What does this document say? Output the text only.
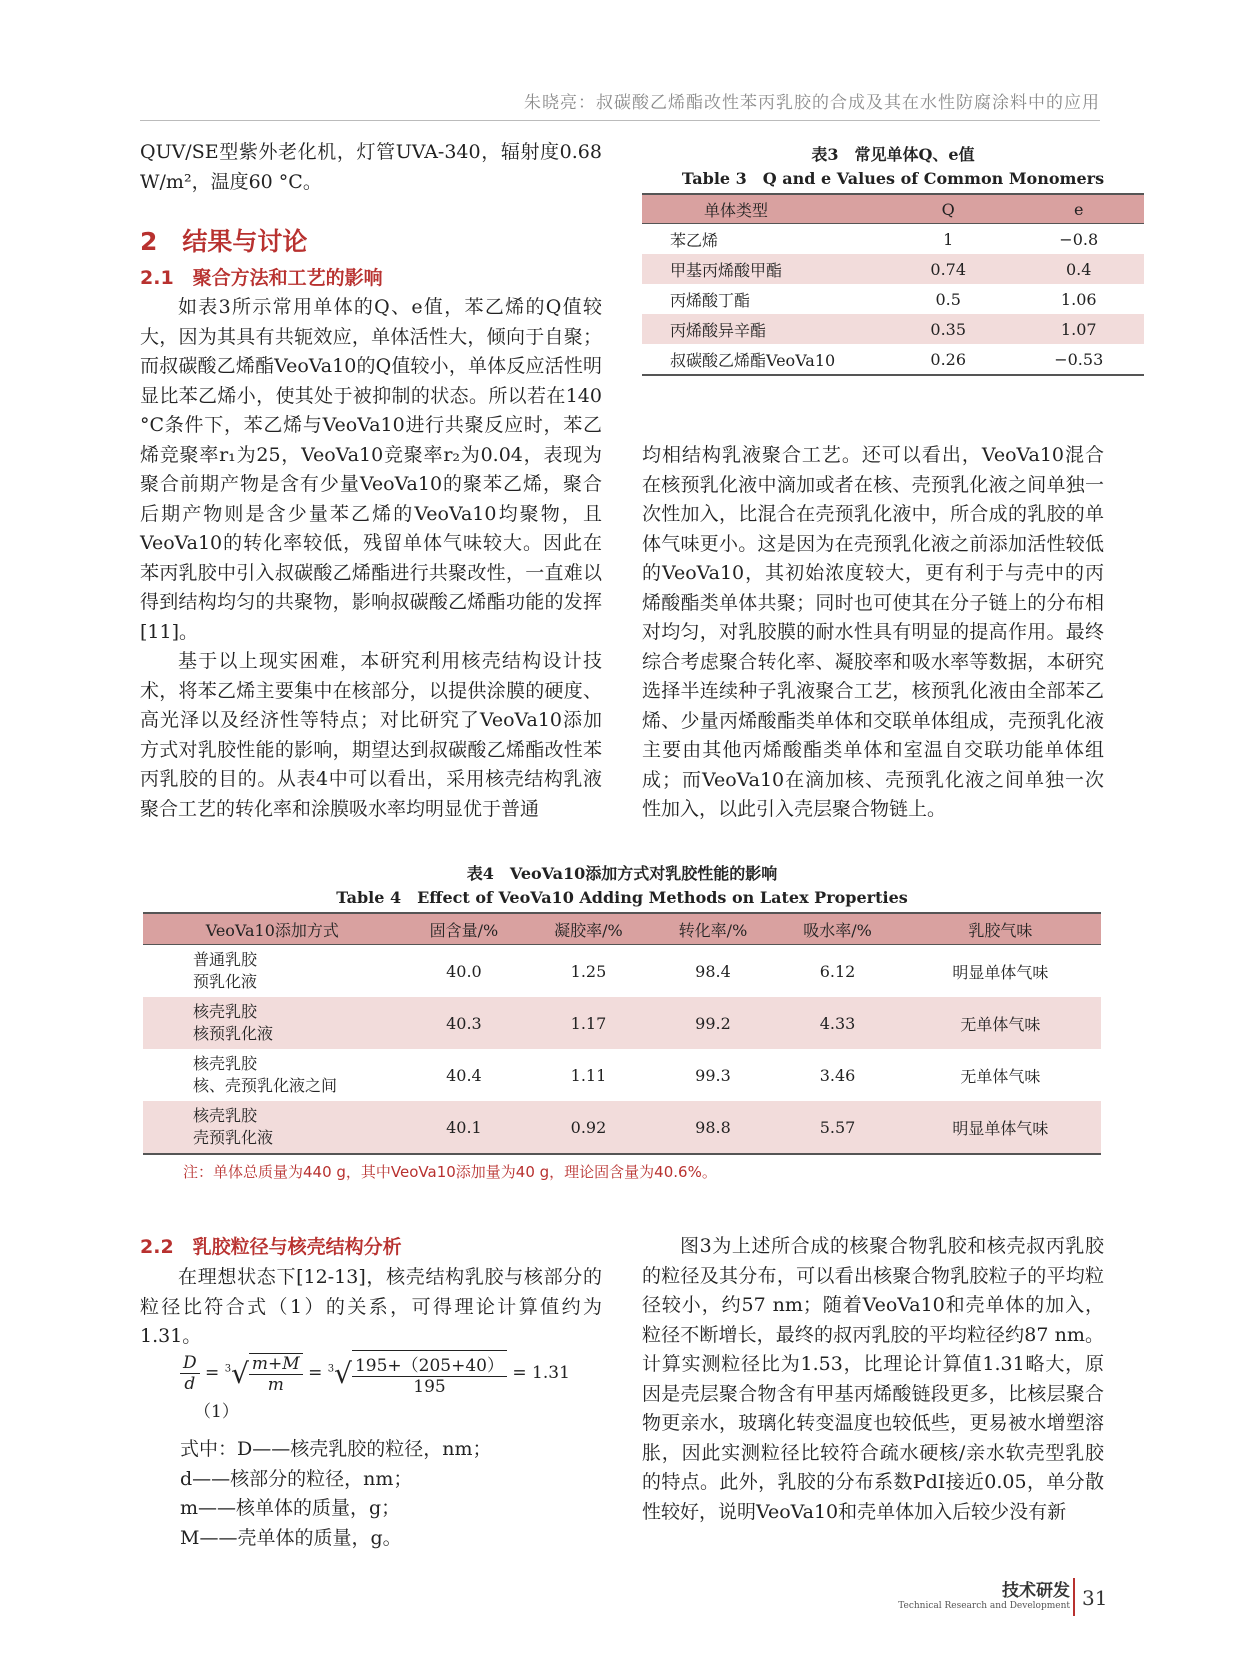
朱晓亮：叔碳酸乙烯酯改性苯丙乳胶的合成及其在水性防腐涂料中的应用

QUV/SE型紫外老化机，灯管UVA-340，辐射度0.68 W/m²，温度60 °C。

2　结果与讨论
2.1　聚合方法和工艺的影响

如表3所示常用单体的Q、e值，苯乙烯的Q值较大，因为其具有共轭效应，单体活性大，倾向于自聚；而叔碳酸乙烯酯VeoVa10的Q值较小，单体反应活性明显比苯乙烯小，使其处于被抑制的状态。所以若在140 °C条件下，苯乙烯与VeoVa10进行共聚反应时，苯乙烯竞聚率r₁为25，VeoVa10竞聚率r₂为0.04，表现为聚合前期产物是含有少量VeoVa10的聚苯乙烯，聚合后期产物则是含少量苯乙烯的VeoVa10均聚物，且VeoVa10的转化率较低，残留单体气味较大。因此在苯丙乳胶中引入叔碳酸乙烯酯进行共聚改性，一直难以得到结构均匀的共聚物，影响叔碳酸乙烯酯功能的发挥[11]。

基于以上现实困难，本研究利用核壳结构设计技术，将苯乙烯主要集中在核部分，以提供涂膜的硬度、高光泽以及经济性等特点；对比研究了VeoVa10添加方式对乳胶性能的影响，期望达到叔碳酸乙烯酯改性苯丙乳胶的目的。从表4中可以看出，采用核壳结构乳液聚合工艺的转化率和涂膜吸水率均明显优于普通

表3　常见单体Q、e值
Table 3　Q and e Values of Common Monomers
单体类型	Q	e
苯乙烯	1	−0.8
甲基丙烯酸甲酯	0.74	0.4
丙烯酸丁酯	0.5	1.06
丙烯酸异辛酯	0.35	1.07
叔碳酸乙烯酯VeoVa10	0.26	−0.53

均相结构乳液聚合工艺。还可以看出，VeoVa10混合在核预乳化液中滴加或者在核、壳预乳化液之间单独一次性加入，比混合在壳预乳化液中，所合成的乳胶的单体气味更小。这是因为在壳预乳化液之前添加活性较低的VeoVa10，其初始浓度较大，更有利于与壳中的丙烯酸酯类单体共聚；同时也可使其在分子链上的分布相对均匀，对乳胶膜的耐水性具有明显的提高作用。最终综合考虑聚合转化率、凝胶率和吸水率等数据，本研究选择半连续种子乳液聚合工艺，核预乳化液由全部苯乙烯、少量丙烯酸酯类单体和交联单体组成，壳预乳化液主要由其他丙烯酸酯类单体和室温自交联功能单体组成；而VeoVa10在滴加核、壳预乳化液之间单独一次性加入，以此引入壳层聚合物链上。

表4　VeoVa10添加方式对乳胶性能的影响
Table 4　Effect of VeoVa10 Adding Methods on Latex Properties
VeoVa10添加方式	固含量/%	凝胶率/%	转化率/%	吸水率/%	乳胶气味
普通乳胶
预乳化液	40.0	1.25	98.4	6.12	明显单体气味
核壳乳胶
核预乳化液	40.3	1.17	99.2	4.33	无单体气味
核壳乳胶
核、壳预乳化液之间	40.4	1.11	99.3	3.46	无单体气味
核壳乳胶
壳预乳化液	40.1	0.92	98.8	5.57	明显单体气味
注：单体总质量为440 g，其中VeoVa10添加量为40 g，理论固含量为40.6%。
2.2　乳胶粒径与核壳结构分析

在理想状态下[12-13]，核壳结构乳胶与核部分的粒径比符合式（1）的关系，可得理论计算值约为1.31。

$\frac{D}{d} = ^3√ \frac{m+M}{m} = ^3√ \frac{195+(205+40)}{195} = 1.31$ （1）

式中：D——核壳乳胶的粒径，nm；

d——核部分的粒径，nm；

m——核单体的质量，g；

M——壳单体的质量，g。

图3为上述所合成的核聚合物乳胶和核壳叔丙乳胶的粒径及其分布，可以看出核聚合物乳胶粒子的平均粒径较小，约57 nm；随着VeoVa10和壳单体的加入，粒径不断增长，最终的叔丙乳胶的平均粒径约87 nm。计算实测粒径比为1.53，比理论计算值1.31略大，原因是壳层聚合物含有甲基丙烯酸链段更多，比核层聚合物更亲水，玻璃化转变温度也较低些，更易被水增塑溶胀，因此实测粒径比较符合疏水硬核/亲水软壳型乳胶的特点。此外，乳胶的分布系数PdI接近0.05，单分散性较好，说明VeoVa10和壳单体加入后较少没有新

技术研发
Technical Research and Development 31
